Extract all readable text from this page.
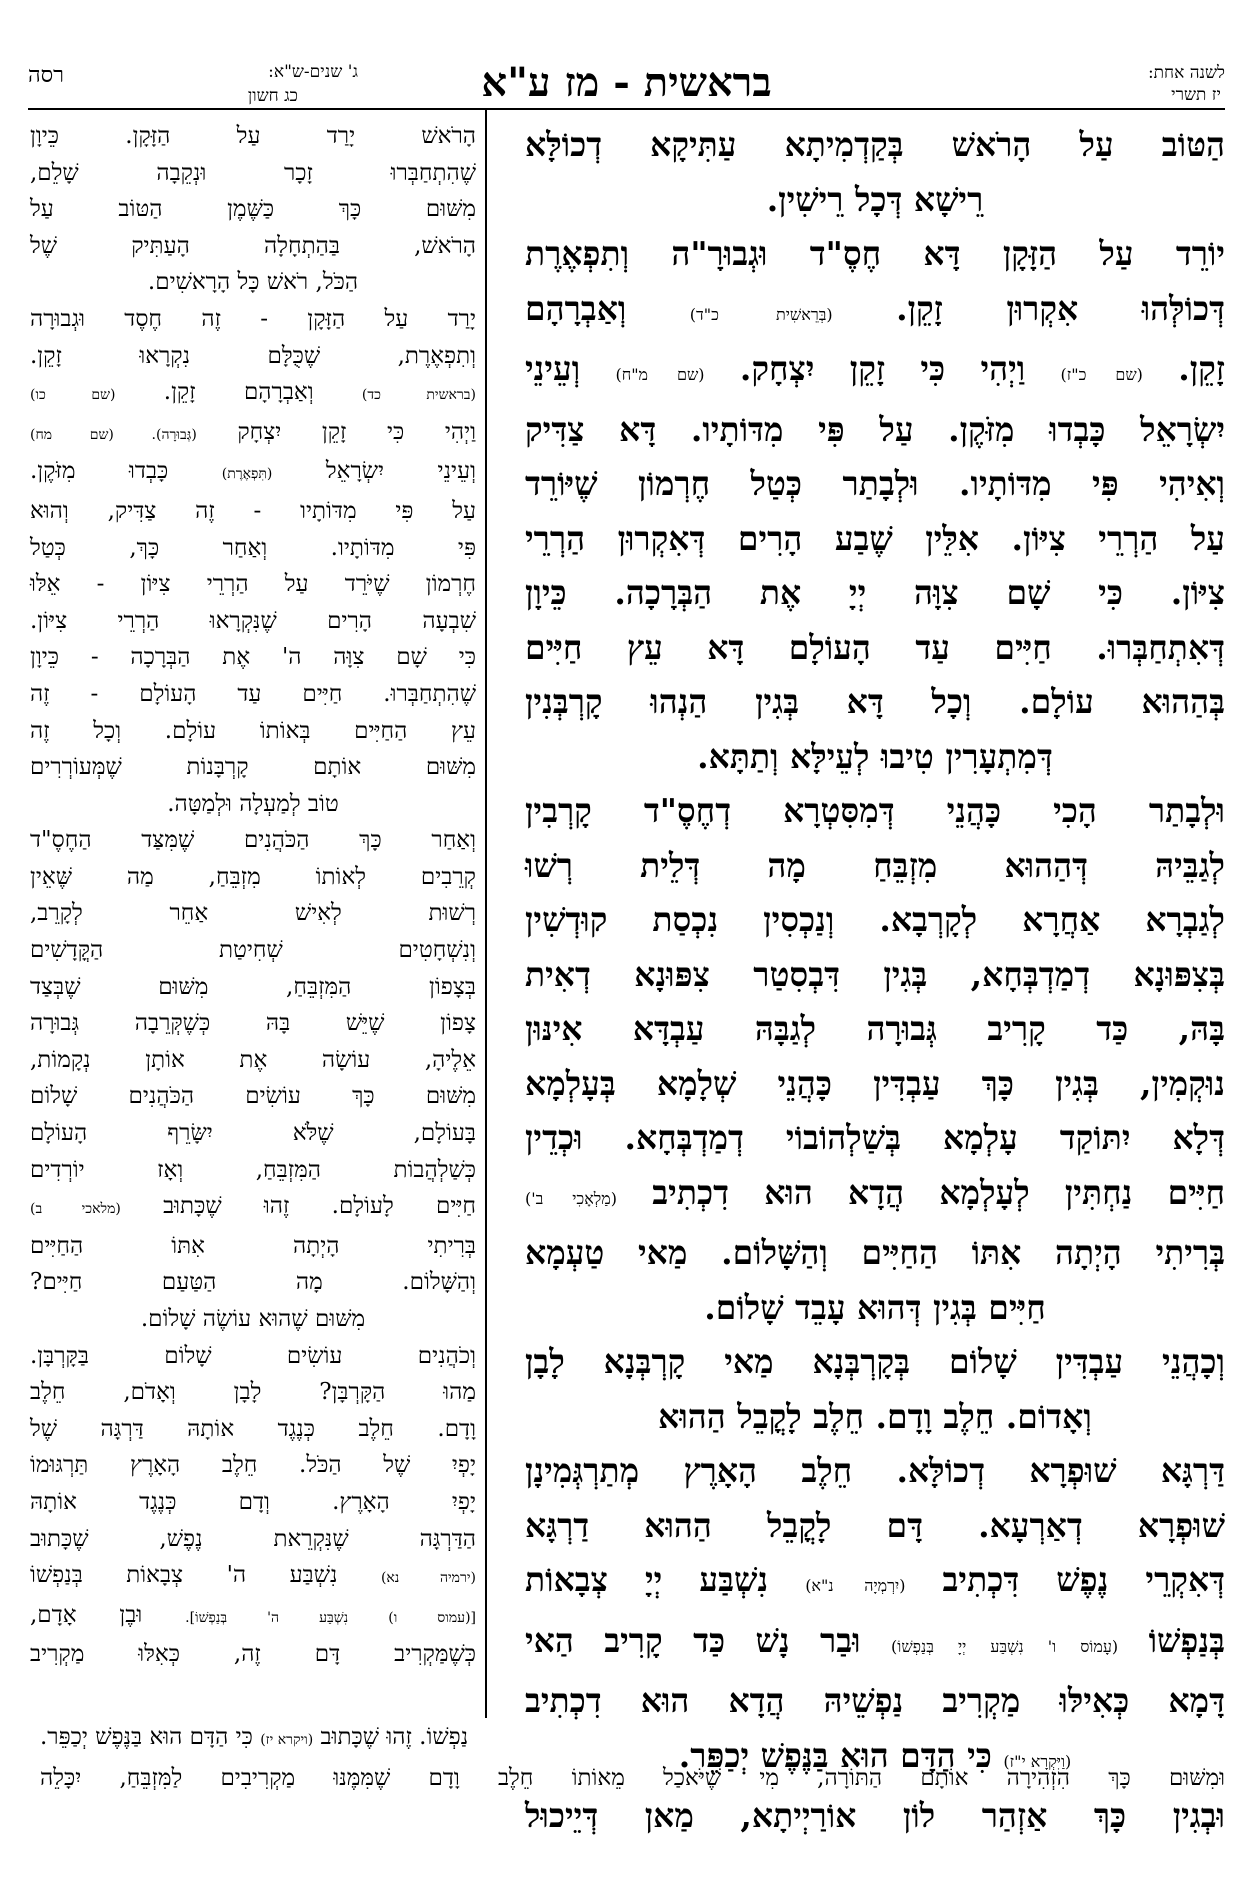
לשנה אחת:
יז תשרי
בראשית - מז ע"א
ג' שנים-ש"א:
כג חשון
רסה

הַטּוֹב עַל הָרֹאשׁ בְּקַדְמִיתָא עַתִּיקָא דְכוֹלָּא

רֵישָׁא דְּכָל רֵישִׁין.

יוֹרֵד עַל הַזָּקָן דָּא חֶסֶ"ד וּגְבוּרָ"ה וְתִפְאֶרֶת

דְּכוֹלְּהוּ אִקְרוּן זָקֵן. (בְּרֵאשִׁית כ"ד) וְאַבְרָהָם

זָקֵן. (שם כ"ז) וַיְהִי כִּי זָקֵן יִצְחָק. (שם מ"ח) וְעֵינֵי

יִשְׂרָאֵל כָּבְדוּ מִזֹּקֶן. עַל פִּי מִדּוֹתָיו. דָּא צַדִּיק

וְאִיהִי פִּי מִדּוֹתָיו. וּלְבָתַר כְּטַל חֶרְמוֹן שֶׁיּוֹרֵד

עַל הַרְרֵי צִיּוֹן. אִלֵּין שֶׁבַע הָרִים דְּאִקְרוּן הַרְרֵי

צִיּוֹן. כִּי שָׁם צִוָּה יְיָ אֶת הַבְּרָכָה. כֵּיוָן

דְּאִתְחַבְּרוּ. חַיִּים עַד הָעוֹלָם דָּא עֵץ חַיִּים

בְּהַהוּא עוֹלָם. וְכָל דָּא בְּגִין הַנְהוּ קָרְבְּנִין

דְּמִתְעָרִין טִיבוּ לְעֵילָּא וְתַתָּא.

וּלְבָתַר הָכִי כָּהֲנֵי דְּמִסִּטְרָא דְחֶסֶ"ד קָרְבִין

לְגַבֵּיהּ דְּהַהוּא מִזְבֵּחַ מָה דְּלֵית רְשׁוּ

לְגַבְרָא אַחֲרָא לְקָרְבָא. וְנַכְסִין נִכְסַת קוּדְשִׁין

בְּצִפּוּנָא דְמַדְבְּחָא, בְּגִין דִּבְסִטַר צִפּוּנָא דְאִית

בָּהּ, כַּד קָרִיב גְּבוּרָה לְגַבָּהּ עַבְדָּא אִינּוּן

נוּקְמִין, בְּגִין כָּךְ עַבְדִּין כָּהֲנֵי שְׁלָמָא בְּעָלְמָא

דְּלָא יִתּוֹקַד עָלְמָא בְּשַׁלְהוֹבוֹי דְמַדְבְּחָא. וּכְדֵין

חַיִּים נַחְתִּין לְעָלְמָא הֲדָא הוּא דִכְתִיב (מַלְאָכִי ב')

בְּרִיתִי הָיְתָה אִתּוֹ הַחַיִּים וְהַשָּׁלוֹם. מַאי טַעְמָא

חַיִּים בְּגִין דְּהוּא עָבֵד שָׁלוֹם.

וְכָהֲנֵי עַבְדִּין שָׁלוֹם בְּקָרְבְּנָא מַאי קָרְבְּנָא לָבָן

וְאָדוֹם. חֵלֶב וָדָם. חֵלֶב לָקֳבֵל הַהוּא

דַּרְגָּא שׁוּפְרָא דְכוֹלָּא. חֵלֶב הָאָרֶץ מְתַרְגְּמִינָן

שׁוּפְרָא דְאַרְעָא. דָּם לָקֳבֵל הַהוּא דַרְגָּא

דְּאִקְרֵי נֶפֶשׁ דִּכְתִיב (יִרְמְיָה נ"א) נִשְׁבַּע יְיָ צְבָאוֹת

בְּנַפְשׁוֹ (עָמוֹס ו' נִשְׁבַּע יְיָ בְּנַפְשׁוֹ) וּבַר נָשׁ כַּד קָרִיב הַאי

דָּמָא כְּאִילּוּ מַקְרִיב נַפְשֵׁיהּ הֲדָא הוּא דִכְתִיב

(וַיִּקְרָא י"ז) כִּי הַדָּם הוּא בַּנֶּפֶשׁ יְכַפֵּר.

וּבְגִין כָּךְ אַזְהַר לוֹן אוֹרַיְיתָא, מַאן דְּיֵיכוּל

הָרֹאשׁ יָרַד עַל הַזָּקָן. כֵּיוָן

שֶׁהִתְחַבְּרוּ זָכָר וּנְקֵבָה שָׁלֵם,

מִשּׁוּם כָּךְ כַּשֶּׁמֶן הַטּוֹב עַל

הָרֹאשׁ, בַּהַתְחָלָה הָעַתִּיק שֶׁל

הַכֹּל, רֹאשׁ כָּל הָרָאשִׁים.

יָרַד עַל הַזָּקָן - זֶה חֶסֶד וּגְבוּרָה

וְתִפְאֶרֶת, שֶׁכֻּלָּם נִקְרָאוּ זָקֵן.

(בראשית כד) וְאַבְרָהָם זָקֵן. (שם כו)

וַיְהִי כִּי זָקֵן יִצְחָק (גְּבוּרָה). (שם מח)

וְעֵינֵי יִשְׂרָאֵל (תִּפְאֶרֶת) כָּבְדוּ מִזֹּקֶן.

עַל פִּי מִדּוֹתָיו - זֶה צַדִּיק, וְהוּא

פִּי מִדּוֹתָיו. וְאַחַר כָּךְ, כְּטַל

חֶרְמוֹן שֶׁיֹּרֵד עַל הַרְרֵי צִיּוֹן - אֵלּוּ

שִׁבְעָה הָרִים שֶׁנִּקְרָאוּ הַרְרֵי צִיּוֹן.

כִּי שָׁם צִוָּה ה' אֶת הַבְּרָכָה - כֵּיוָן

שֶׁהִתְחַבְּרוּ. חַיִּים עַד הָעוֹלָם - זֶה

עֵץ הַחַיִּים בְּאוֹתוֹ עוֹלָם. וְכָל זֶה

מִשּׁוּם אוֹתָם קָרְבָּנוֹת שֶׁמְּעוֹרְרִים

טוֹב לְמַעְלָה וּלְמַטָּה.

וְאַחַר כָּךְ הַכֹּהֲנִים שֶׁמִּצַּד הַחֶסֶ"ד

קְרֵבִים לְאוֹתוֹ מִזְבֵּחַ, מַה שֶּׁאֵין

רְשׁוּת לְאִישׁ אַחֵר לְקָרֵב,

וְנִשְׁחָטִים שְׁחִיטַת הַקֳּדָשִׁים

בְּצָפוֹן הַמִּזְבֵּחַ, מִשּׁוּם שֶׁבְּצַד

צָפוֹן שֶׁיֵּשׁ בָּהּ כְּשֶׁקְּרֵבָה גְּבוּרָה

אֵלֶיהָ, עוֹשָׂה אֶת אוֹתָן נְקָמוֹת,

מִשּׁוּם כָּךְ עוֹשִׂים הַכֹּהֲנִים שָׁלוֹם

בָּעוֹלָם, שֶׁלֹּא יִשָּׂרֵף הָעוֹלָם

כְּשַׁלְהֲבוֹת הַמִּזְבֵּחַ, וְאָז יוֹרְדִים

חַיִּים לָעוֹלָם. זֶהוּ שֶׁכָּתוּב (מלאכי ב)

בְּרִיתִי הָיְתָה אִתּוֹ הַחַיִּים

וְהַשָּׁלוֹם. מָה הַטַּעַם חַיִּים?

מִשּׁוּם שֶׁהוּא עוֹשֶׂה שָׁלוֹם.

וְכֹהֲנִים עוֹשִׂים שָׁלוֹם בַּקָּרְבָּן.

מַהוּ הַקָּרְבָּן? לָבָן וְאָדֹם, חֵלֶב

וָדָם. חֵלֶב כְּנֶגֶד אוֹתָהּ דַּרְגָּה שֶׁל

יָפְיִ שֶׁל הַכֹּל. חֵלֶב הָאָרֶץ תַּרְגּוּמוֹ

יָפְיִ הָאָרֶץ. וְדָם כְּנֶגֶד אוֹתָהּ

הַדַּרְגָּה שֶׁנִּקְרֵאת נֶפֶשׁ, שֶׁכָּתוּב

(ירמיה נא) נִשְׁבַּע ה' צְבָאוֹת בְּנַפְשׁוֹ

[(עמוס ו) נִשְׁבַּע ה' בְּנַפְשׁוֹ]. וּבֶן אָדָם,

כְּשֶׁמַּקְרִיב דָּם זֶה, כְּאִלּוּ מַקְרִיב

נַפְשׁוֹ. זֶהוּ שֶׁכָּתוּב (ויקרא יז) כִּי הַדָּם הוּא בַּנֶּפֶשׁ יְכַפֵּר.

וּמִשּׁוּם כָּךְ הִזְהִירָה אוֹתָם הַתּוֹרָה, מִי שֶׁיֹּאכַל מֵאוֹתוֹ חֵלֶב וָדָם שֶׁמִּמֶּנּוּ מַקְרִיבִים לַמִּזְבֵּחַ, יִכָּלֵה
